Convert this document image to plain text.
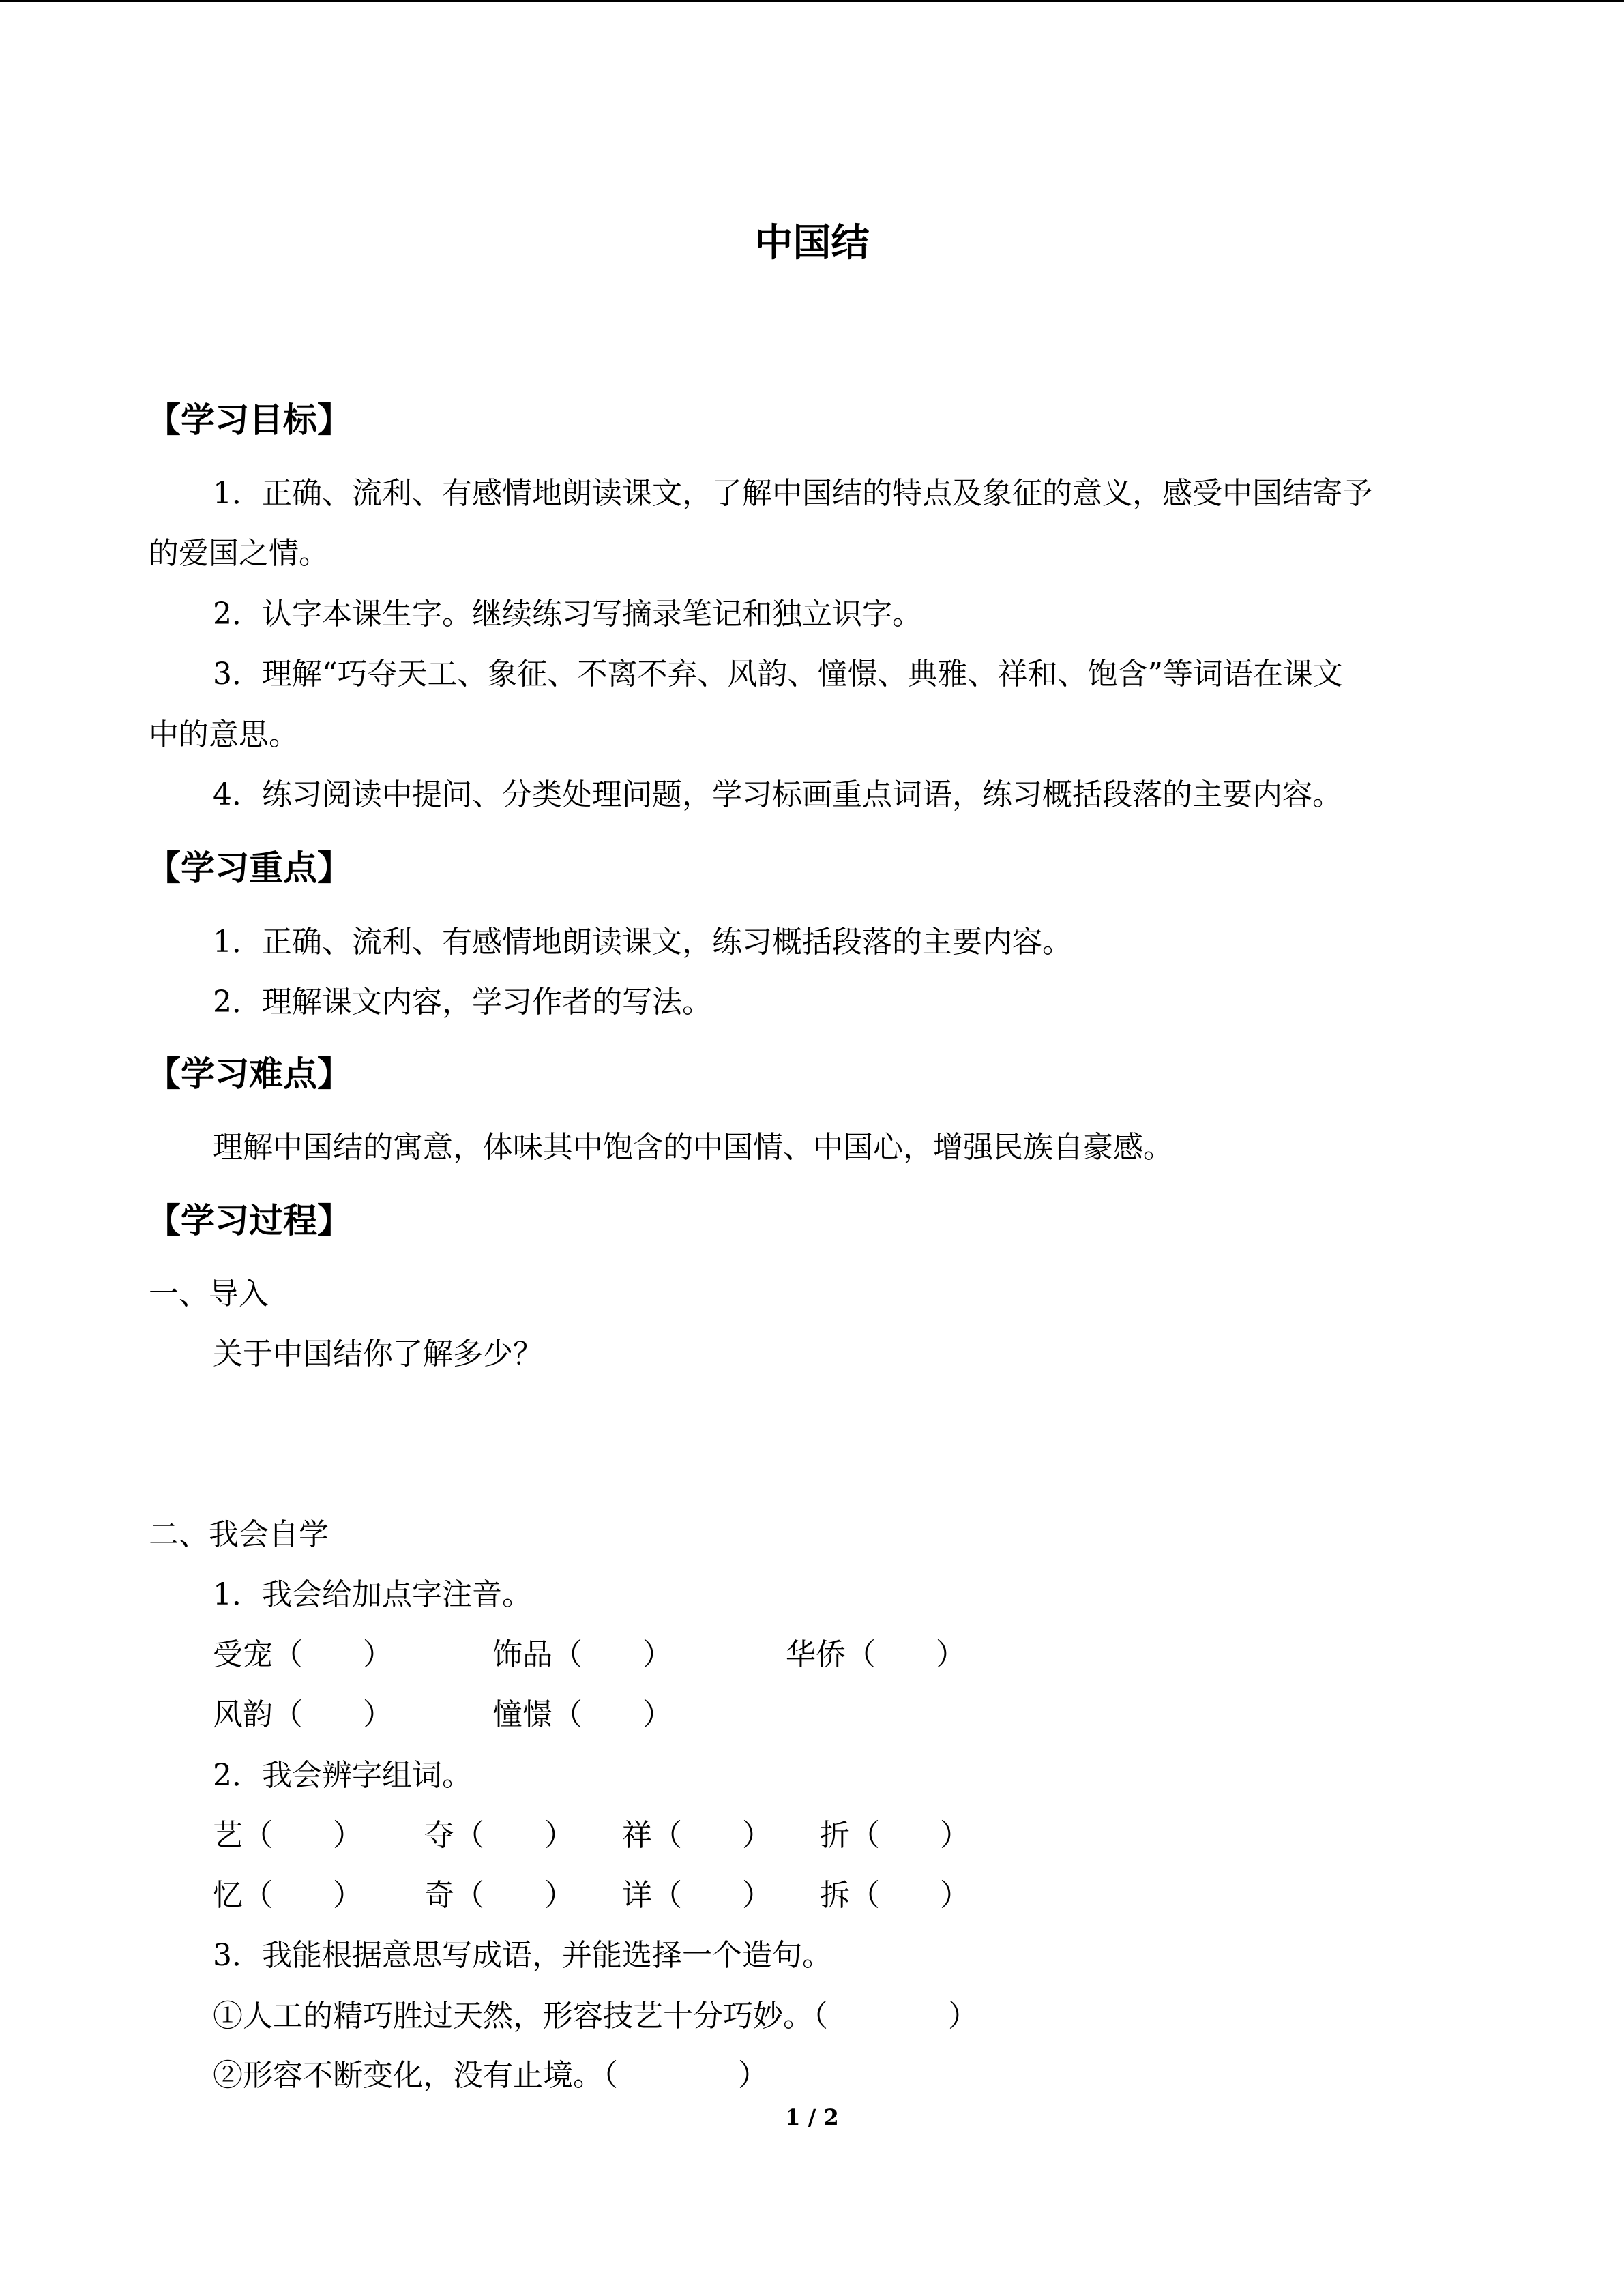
中国结
【学习目标】
1．正确、流利、有感情地朗读课文，了解中国结的特点及象征的意义，感受中国结寄予
的爱国之情。
2．认字本课生字。继续练习写摘录笔记和独立识字。
3．理解“巧夺天工、象征、不离不弃、风韵、憧憬、典雅、祥和、饱含”等词语在课文
中的意思。
4．练习阅读中提问、分类处理问题，学习标画重点词语，练习概括段落的主要内容。
【学习重点】
1．正确、流利、有感情地朗读课文，练习概括段落的主要内容。
2．理解课文内容，学习作者的写法。
【学习难点】
理解中国结的寓意，体味其中饱含的中国情、中国心，增强民族自豪感。
【学习过程】
一、导入
关于中国结你了解多少？
二、我会自学
1．我会给加点字注音。
受宠（　　）	饰品（　　）	华侨（　　）
风韵（　　）	憧憬（　　）
2．我会辨字组词。
艺（　　） 夺（　　） 祥（　　） 折（　　）
忆（　　） 奇（　　） 详（　　） 拆（　　）
3．我能根据意思写成语，并能选择一个造句。
①人工的精巧胜过天然，形容技艺十分巧妙。（　　　　）
②形容不断变化，没有止境。（　　　　）
1 / 2
